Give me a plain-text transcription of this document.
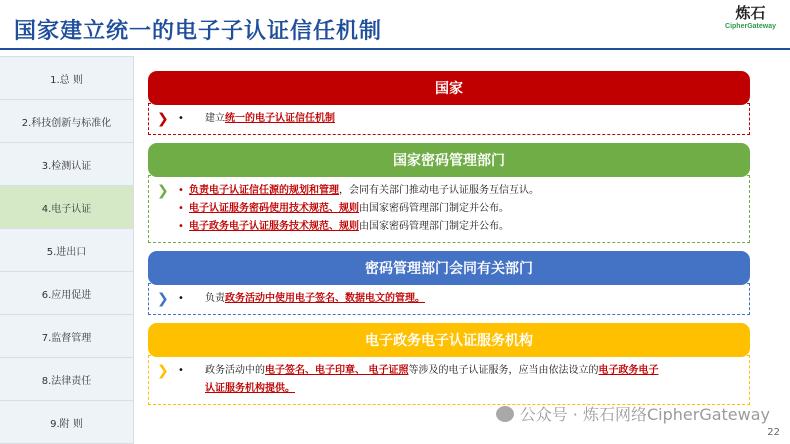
国家建立统一的电子子认证信任机制
炼石
CipherGateway
1.总 则
2.科技创新与标准化
3.检测认证
4.电子认证
5.进出口
6.应用促进
7.监督管理
8.法律责任
9.附 则
国家
❯ •	建立统一的电子认证信任机制
国家密码管理部门
❯ • 负责电子认证信任源的规划和管理，会同有关部门推动电子认证服务互信互认。
• 电子认证服务密码使用技术规范、规则由国家密码管理部门制定并公布。
• 电子政务电子认证服务技术规范、规则由国家密码管理部门制定并公布。
密码管理部门会同有关部门
❯ •	负责政务活动中使用电子签名、数据电文的管理。
电子政务电子认证服务机构
❯ •	政务活动中的电子签名、电子印章、 电子证照等涉及的电子认证服务，应当由依法设立的电子政务电子
认证服务机构提供。
公众号 · 炼石网络CipherGateway
22
